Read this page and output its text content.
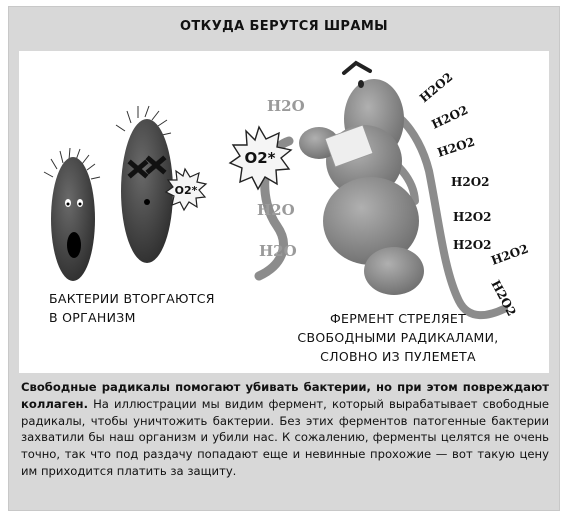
ОТКУДА БЕРУТСЯ ШРАМЫ
O2*
O2*
H2O
H2O
H2O
H2O2
H2O2
H2O2
H2O2
H2O2
H2O2
H2O2
H2O2
БАКТЕРИИ ВТОРГАЮТСЯ
В ОРГАНИЗМ	ФЕРМЕНТ СТРЕЛЯЕТ
СВОБОДНЫМИ РАДИКАЛАМИ,
СЛОВНО ИЗ ПУЛЕМЕТА
Свободные радикалы помогают убивать бактерии, но при этом повреждают коллаген. На иллюстрации мы видим фермент, который вырабатывает свободные радикалы, чтобы уничтожить бактерии. Без этих ферментов патогенные бактерии захватили бы наш организм и убили нас. К сожалению, ферменты целятся не очень точно, так что под раздачу попадают еще и невинные прохожие — вот такую цену им приходится платить за защиту.
